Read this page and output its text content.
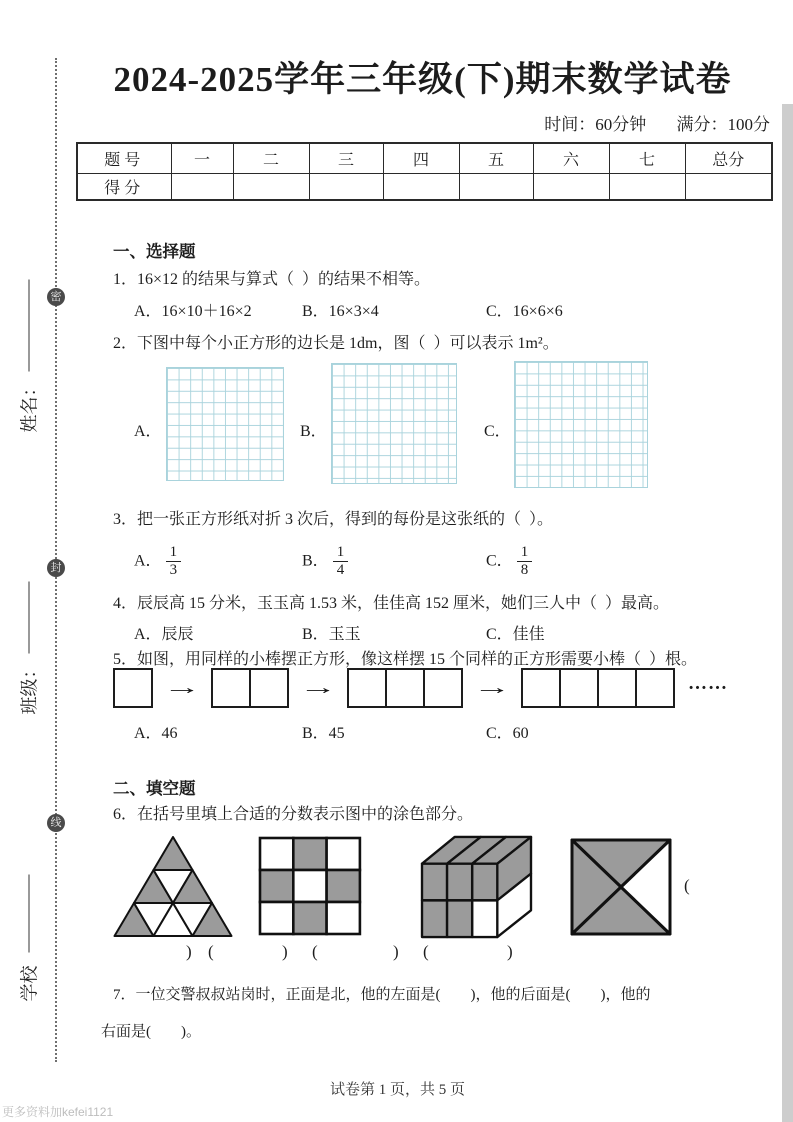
密
封
线
姓名：
班级：
学校
更多资料加kefei1121
2024-2025学年三年级(下)期末数学试卷
时间：60分钟 满分：100分
题号	一	二	三	四	五	六	七	总分
得分								
一、选择题
1．16×12 的结果与算式（  ）的结果不相等。
A．16×10＋16×2	B．16×3×4	C．16×6×6
2．下图中每个小正方形的边长是 1dm，图（  ）可以表示 1m²。
A．	B．	C．
3．把一张正方形纸对折 3 次后，得到的每份是这张纸的（  ）。
A． $\frac{1}{3}$	B． $\frac{1}{4}$	C． $\frac{1}{8}$
4．辰辰高 15 分米，玉玉高 1.53 米，佳佳高 152 厘米，她们三人中（  ）最高。
A．辰辰	B．玉玉	C．佳佳
5．如图，用同样的小棒摆正方形，像这样摆 15 个同样的正方形需要小棒（  ）根。
→	→	→	……
A．46	B．45	C．60
二、填空题
6．在括号里填上合适的分数表示图中的涂色部分。
(
) (	) (	) (	)
7．一位交警叔叔站岗时，正面是北，他的左面是(        )，他的后面是(        )，他的
右面是(        )。
试卷第 1 页，共 5 页
